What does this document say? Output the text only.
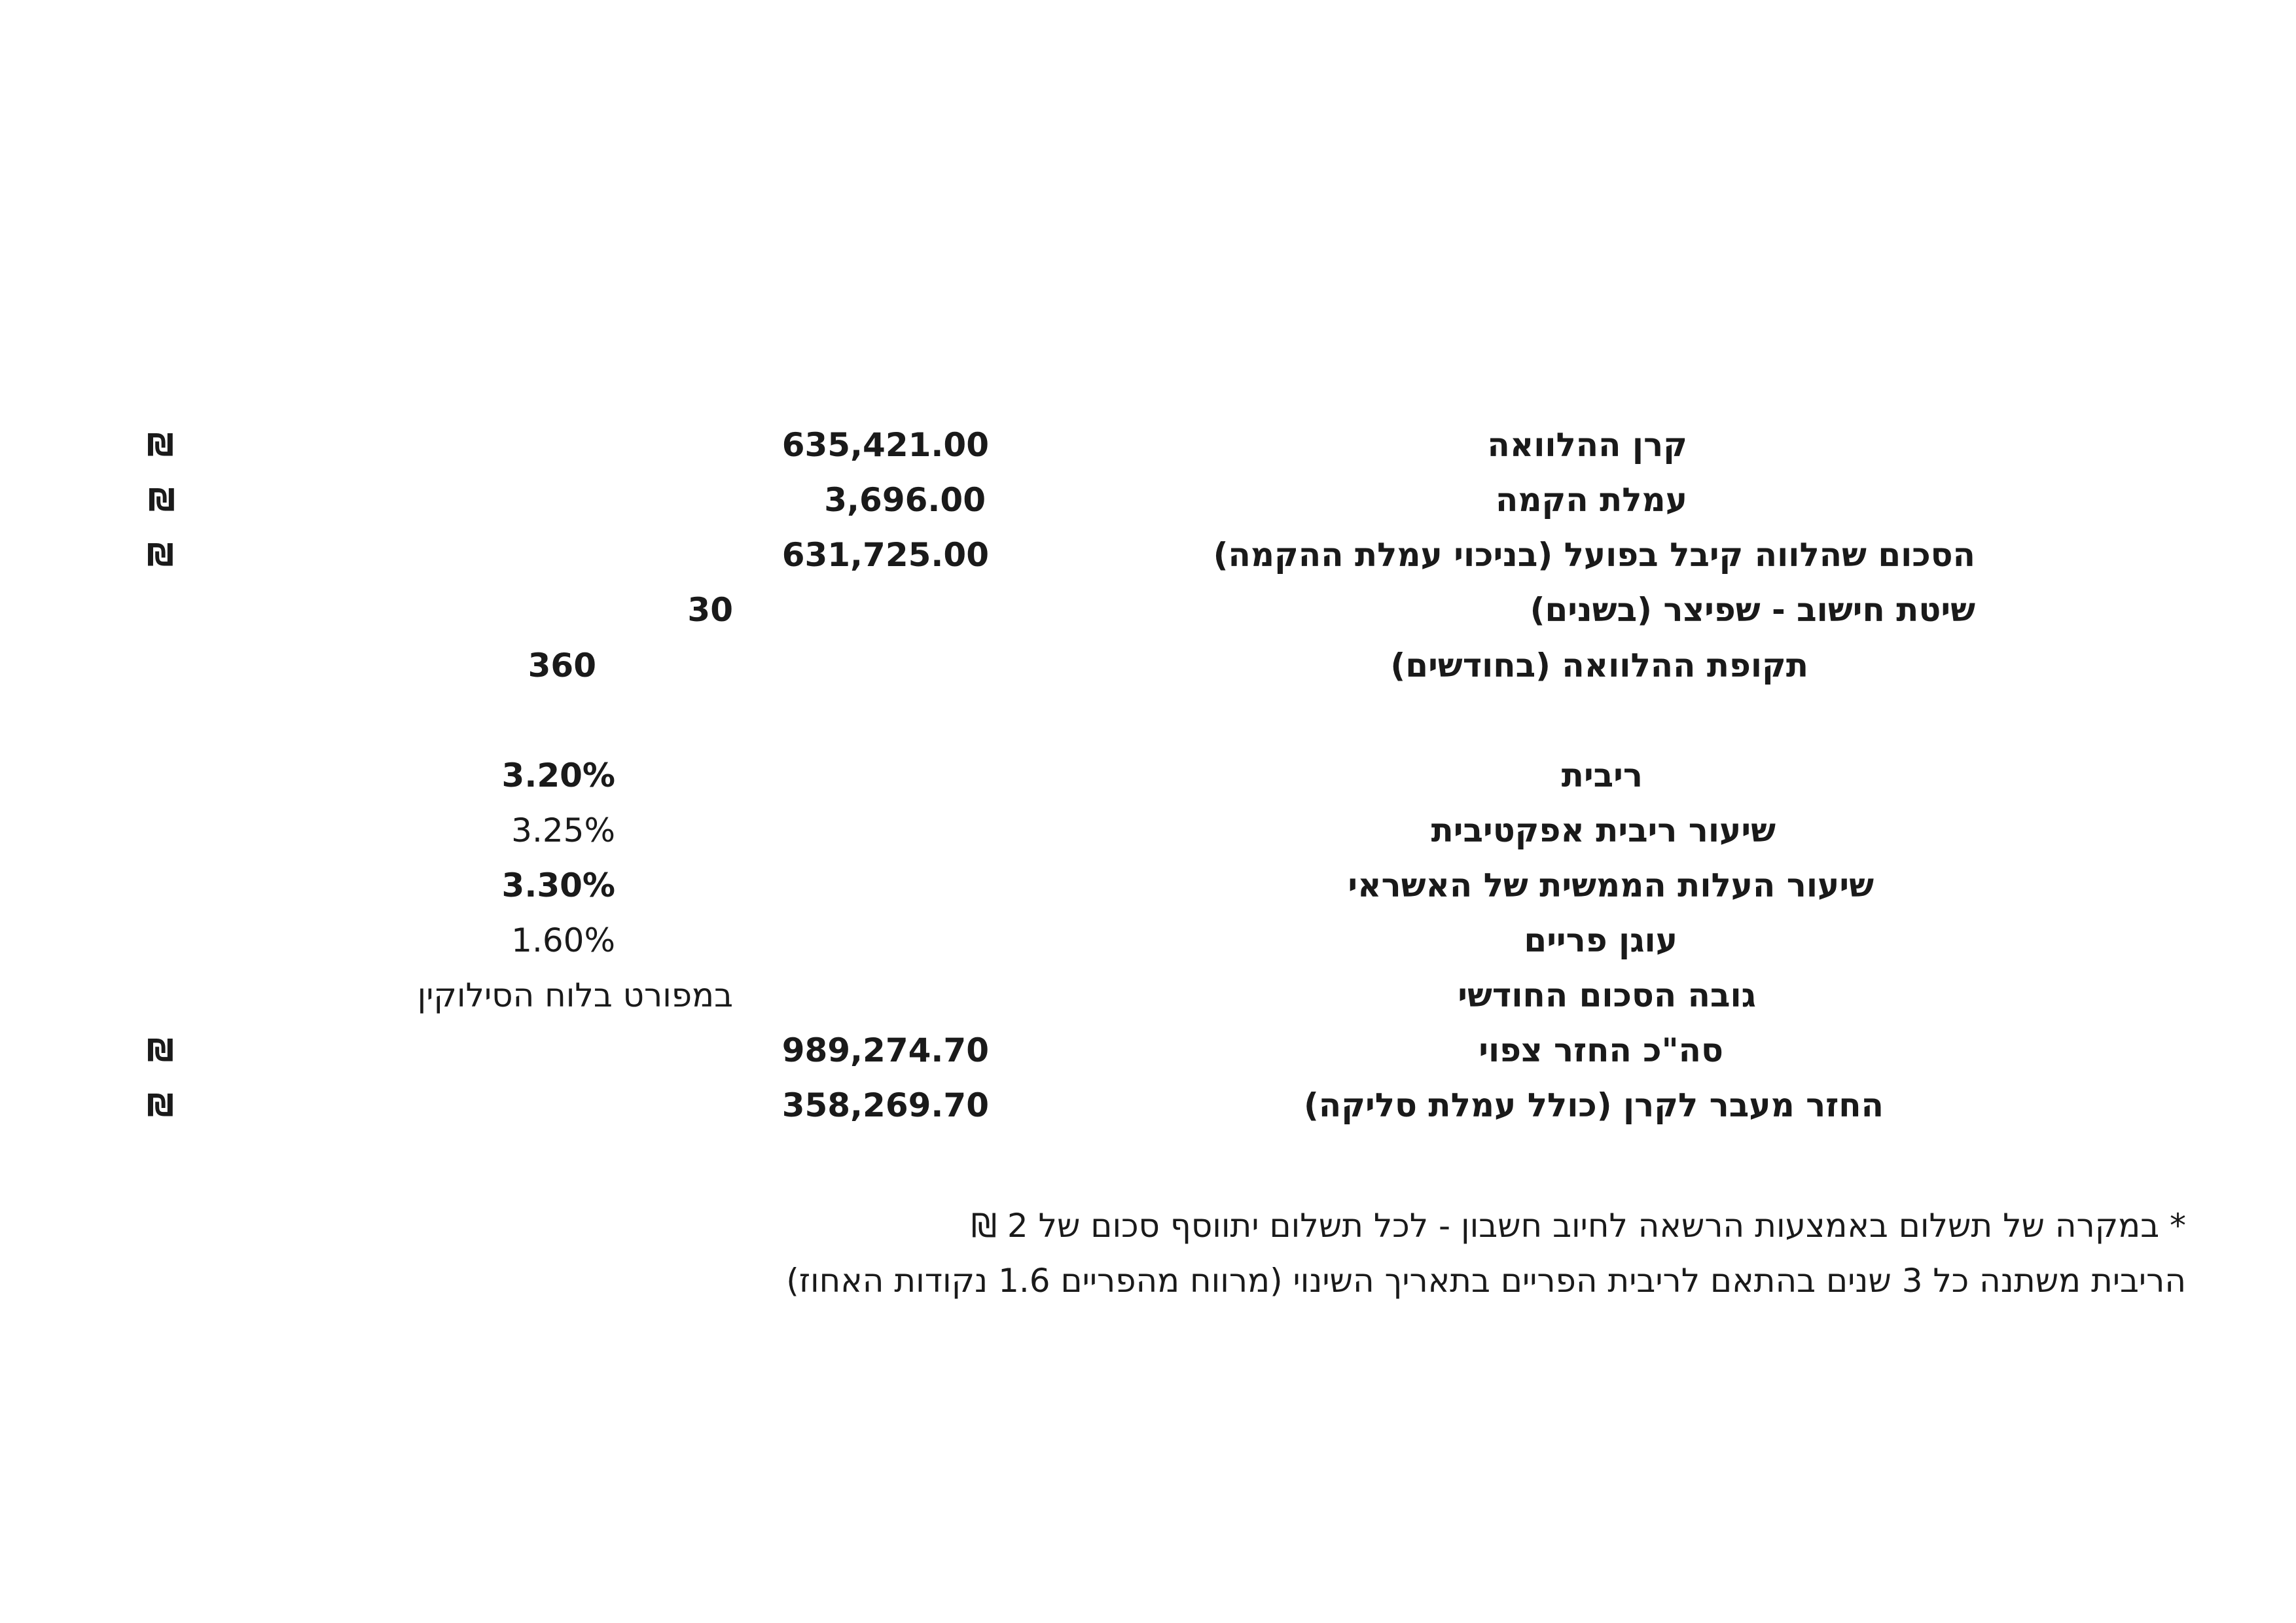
קרן ההלוואה
635,421.00
₪
עמלת הקמה
3,696.00
₪
הסכום שהלווה קיבל בפועל (בניכוי עמלת ההקמה)
631,725.00
₪
שיטת חישוב - שפיצר (בשנים)
30
תקופת ההלוואה (בחודשים)
360
ריבית
3.20%
שיעור ריבית אפקטיבית
3.25%
שיעור העלות הממשית של האשראי
3.30%
עוגן פריים
1.60%
גובה הסכום החודשי
במפורט בלוח הסילוקין
סה"כ החזר צפוי
989,274.70
₪
החזר מעבר לקרן (כולל עמלת סליקה)
358,269.70
₪
* במקרה של תשלום באמצעות הרשאה לחיוב חשבון - לכל תשלום יתווסף סכום של 2 ₪
הריבית משתנה כל 3 שנים בהתאם לריבית הפריים בתאריך השינוי (מרווח מהפריים 1.6 נקודות האחוז)
